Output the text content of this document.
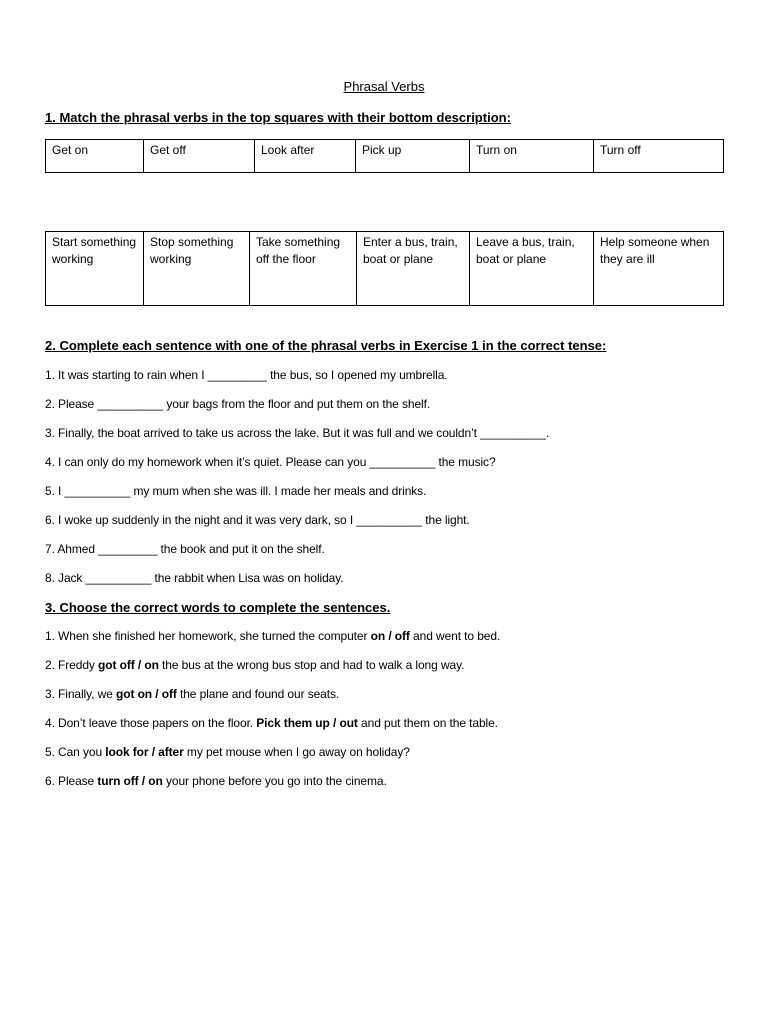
Phrasal Verbs
1. Match the phrasal verbs in the top squares with their bottom description:
Get on	Get off	Look after	Pick up	Turn on	Turn off
Start something working	Stop something working	Take something off the floor	Enter a bus, train, boat or plane	Leave a bus, train, boat or plane	Help someone when they are ill
2. Complete each sentence with one of the phrasal verbs in Exercise 1 in the correct tense:
1. It was starting to rain when I _________ the bus, so I opened my umbrella.
2. Please __________ your bags from the floor and put them on the shelf.
3. Finally, the boat arrived to take us across the lake. But it was full and we couldn’t __________.
4. I can only do my homework when it’s quiet. Please can you __________ the music?
5. I __________ my mum when she was ill. I made her meals and drinks.
6. I woke up suddenly in the night and it was very dark, so I __________ the light.
7. Ahmed _________ the book and put it on the shelf.
8. Jack __________ the rabbit when Lisa was on holiday.
3. Choose the correct words to complete the sentences.
1. When she finished her homework, she turned the computer on / off and went to bed.
2. Freddy got off / on the bus at the wrong bus stop and had to walk a long way.
3. Finally, we got on / off the plane and found our seats.
4. Don’t leave those papers on the floor. Pick them up / out and put them on the table.
5. Can you look for / after my pet mouse when I go away on holiday?
6. Please turn off / on your phone before you go into the cinema.
